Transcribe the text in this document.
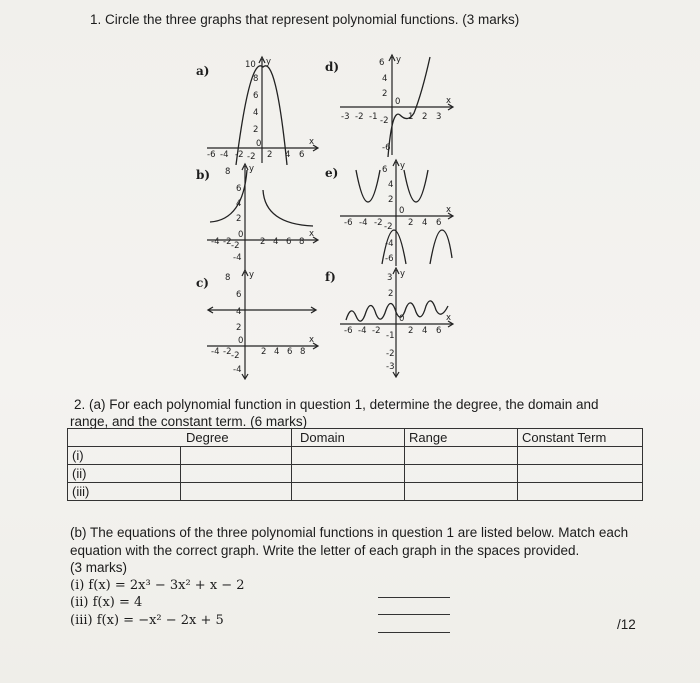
1. Circle the three graphs that represent polynomial functions. (3 marks)
a)
b)
c)
d)
e)
f)
10
8
6
4
2
-6 -4 -2 -2 2 4 6
0	x
y
8
6
4
2
-4 -2 -2 2 4 6 8
-4
0	x
y
8
6
4
2
-4 -2 -2	2 4 6 8
-4
0	x
y
6
4
2
-3 -2 -1 -2 1 2 3
-6
0	x
y
6
4
2
-6 -4 -2 -2 2 4 6
-4
-6
0	x
y
3
2
-6 -4 -2 -1 2 4 6
-2
-3
0	x
y
2. (a) For each polynomial function in question 1, determine the degree, the domain and
range, and the constant term. (6 marks)
Degree		Domain	Range	Constant Term
(i)				
(ii)				
(iii)				
(b) The equations of the three polynomial functions in question 1 are listed below. Match each
equation with the correct graph. Write the letter of each graph in the spaces provided.
(3 marks)
(i) f(x) = 2x³ − 3x² + x − 2
(ii) f(x) = 4
(iii) f(x) = −x² − 2x + 5	/12
